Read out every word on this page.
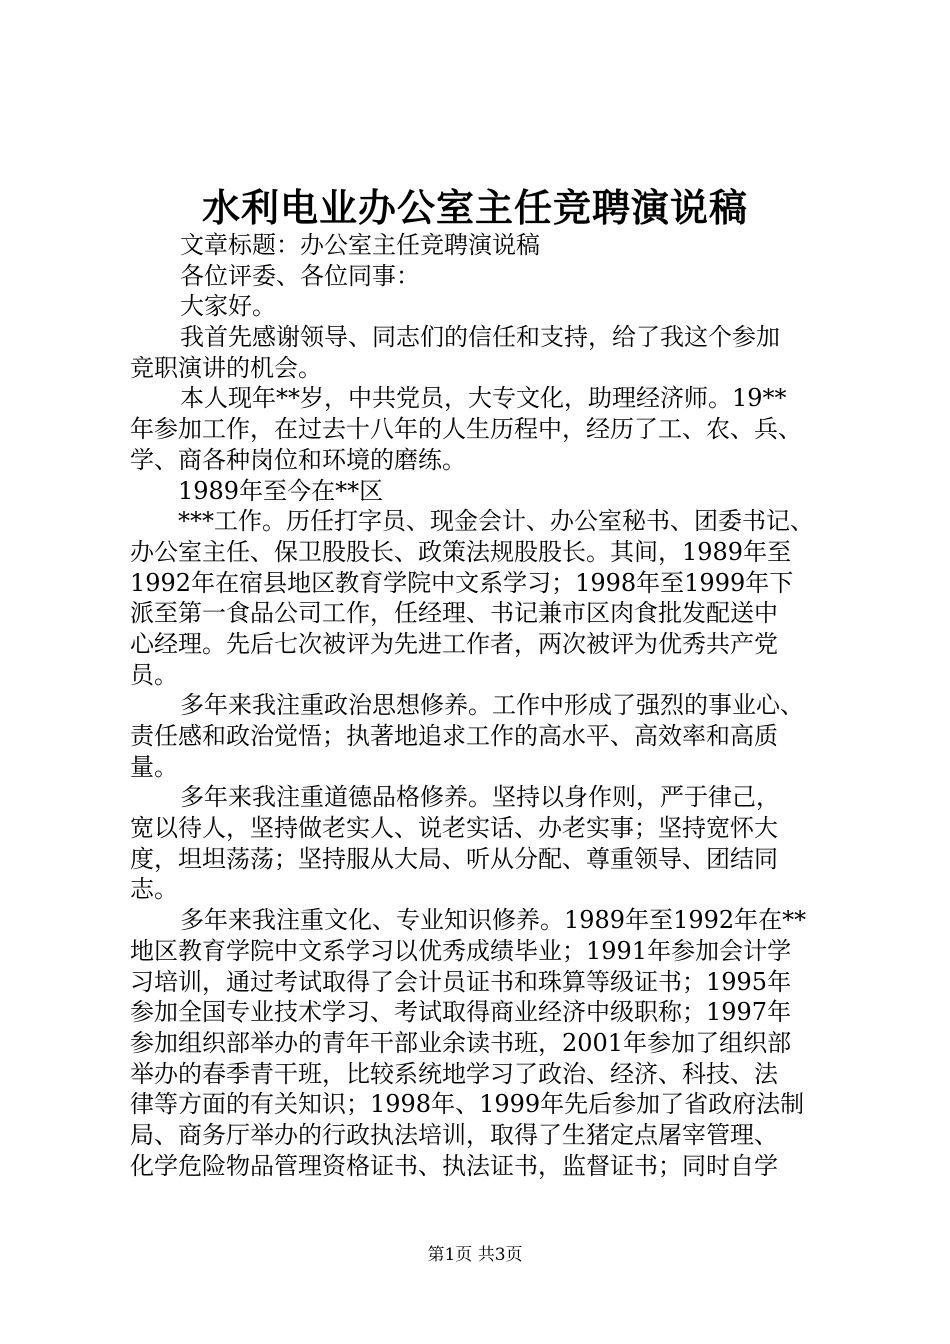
水利电业办公室主任竞聘演说稿
文章标题：办公室主任竞聘演说稿
各位评委、各位同事：
大家好。
我首先感谢领导、同志们的信任和支持，给了我这个参加
竞职演讲的机会。
本人现年**岁，中共党员，大专文化，助理经济师。19**
年参加工作，在过去十八年的人生历程中，经历了工、农、兵、
学、商各种岗位和环境的磨练。
1989年至今在**区
***工作。历任打字员、现金会计、办公室秘书、团委书记、
办公室主任、保卫股股长、政策法规股股长。其间，1989年至
1992年在宿县地区教育学院中文系学习；1998年至1999年下
派至第一食品公司工作，任经理、书记兼市区肉食批发配送中
心经理。先后七次被评为先进工作者，两次被评为优秀共产党
员。
多年来我注重政治思想修养。工作中形成了强烈的事业心、
责任感和政治觉悟；执著地追求工作的高水平、高效率和高质
量。
多年来我注重道德品格修养。坚持以身作则，严于律己，
宽以待人，坚持做老实人、说老实话、办老实事；坚持宽怀大
度，坦坦荡荡；坚持服从大局、听从分配、尊重领导、团结同
志。
多年来我注重文化、专业知识修养。1989年至1992年在**
地区教育学院中文系学习以优秀成绩毕业；1991年参加会计学
习培训，通过考试取得了会计员证书和珠算等级证书；1995年
参加全国专业技术学习、考试取得商业经济中级职称；1997年
参加组织部举办的青年干部业余读书班，2001年参加了组织部
举办的春季青干班，比较系统地学习了政治、经济、科技、法
律等方面的有关知识；1998年、1999年先后参加了省政府法制
局、商务厅举办的行政执法培训，取得了生猪定点屠宰管理、
化学危险物品管理资格证书、执法证书，监督证书；同时自学
第1页 共3页
